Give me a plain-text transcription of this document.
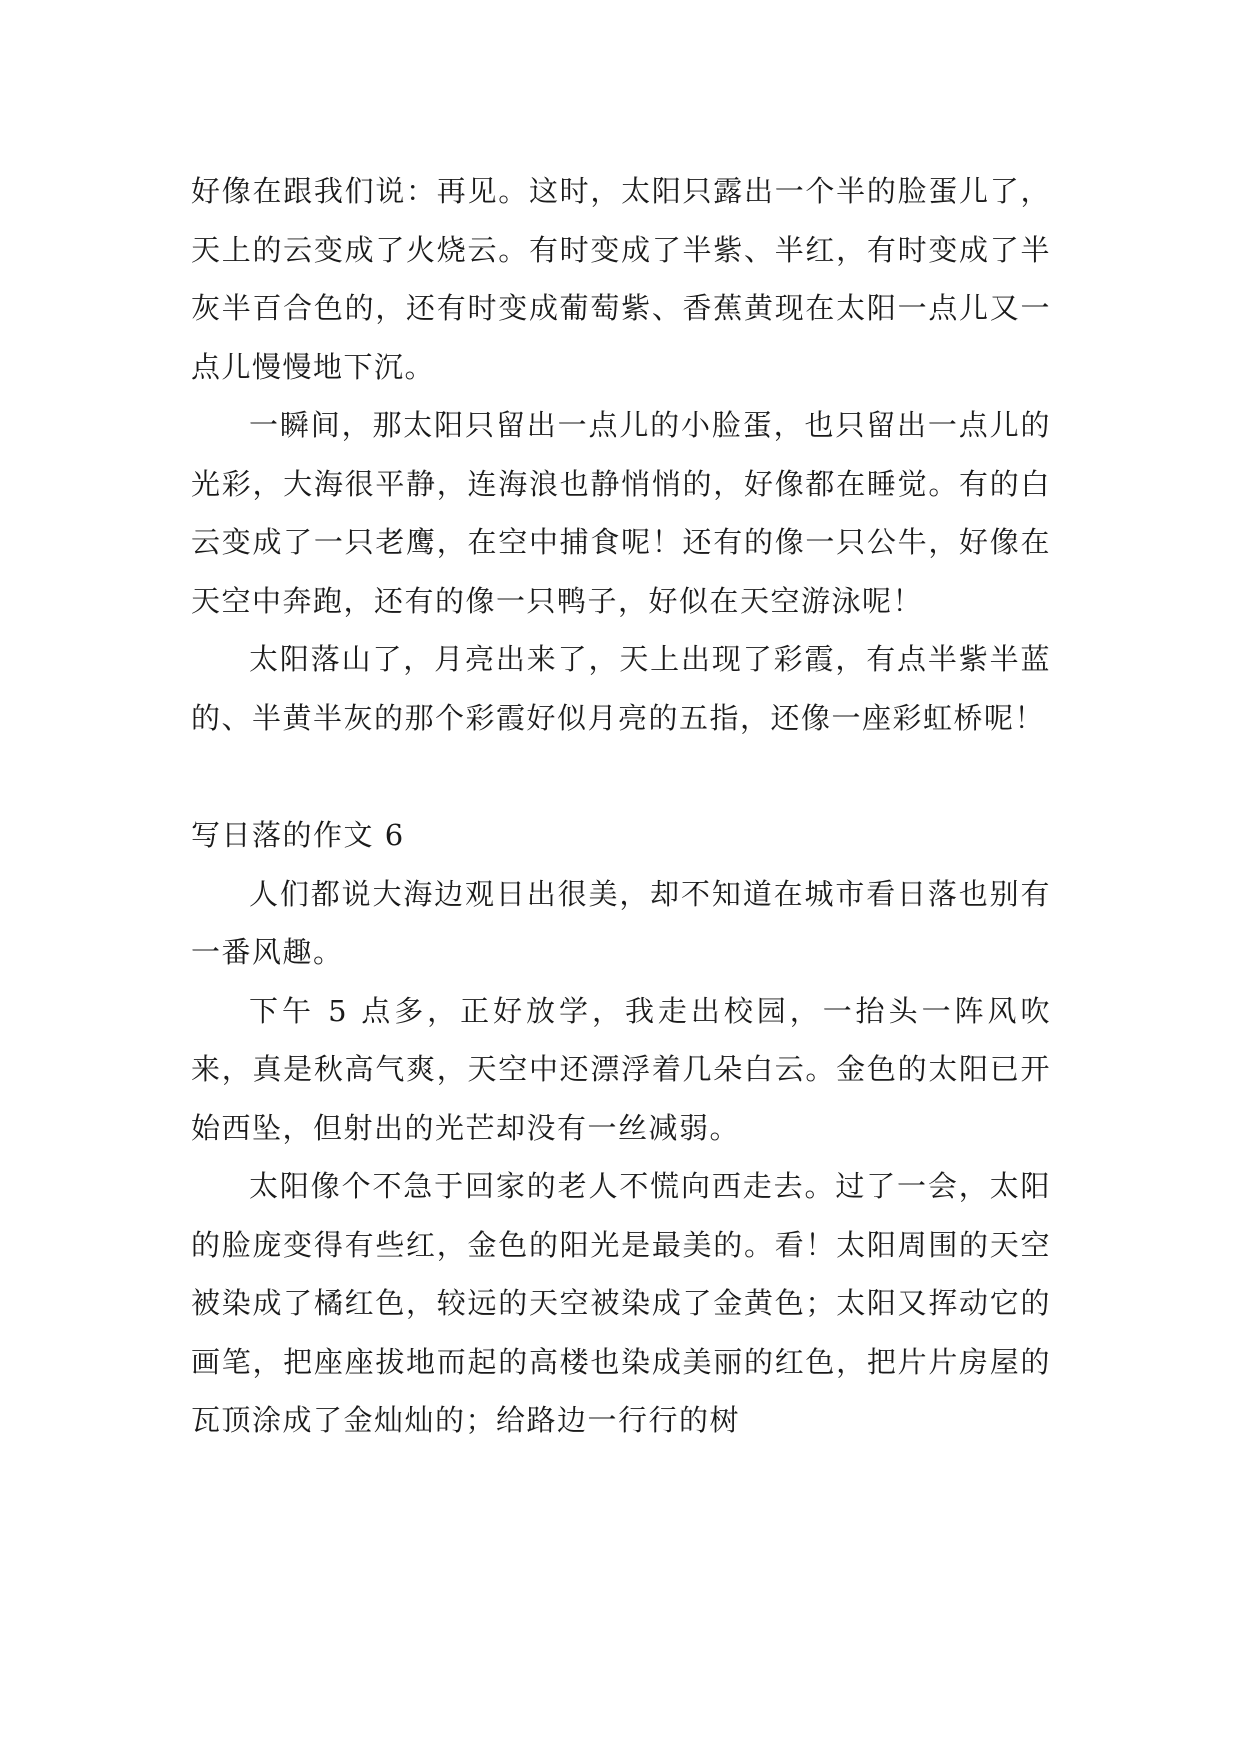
好像在跟我们说：再见。这时，太阳只露出一个半的脸蛋儿了，天上的云变成了火烧云。有时变成了半紫、半红，有时变成了半灰半百合色的，还有时变成葡萄紫、香蕉黄现在太阳一点儿又一点儿慢慢地下沉。

一瞬间，那太阳只留出一点儿的小脸蛋，也只留出一点儿的光彩，大海很平静，连海浪也静悄悄的，好像都在睡觉。有的白云变成了一只老鹰，在空中捕食呢！还有的像一只公牛，好像在天空中奔跑，还有的像一只鸭子，好似在天空游泳呢！

太阳落山了，月亮出来了，天上出现了彩霞，有点半紫半蓝的、半黄半灰的那个彩霞好似月亮的五指，还像一座彩虹桥呢！

写日落的作文 6

人们都说大海边观日出很美，却不知道在城市看日落也别有一番风趣。

下午 5 点多，正好放学，我走出校园，一抬头一阵风吹来，真是秋高气爽，天空中还漂浮着几朵白云。金色的太阳已开始西坠，但射出的光芒却没有一丝减弱。

太阳像个不急于回家的老人不慌向西走去。过了一会，太阳的脸庞变得有些红，金色的阳光是最美的。看！太阳周围的天空被染成了橘红色，较远的天空被染成了金黄色；太阳又挥动它的画笔，把座座拔地而起的高楼也染成美丽的红色，把片片房屋的瓦顶涂成了金灿灿的；给路边一行行的树
